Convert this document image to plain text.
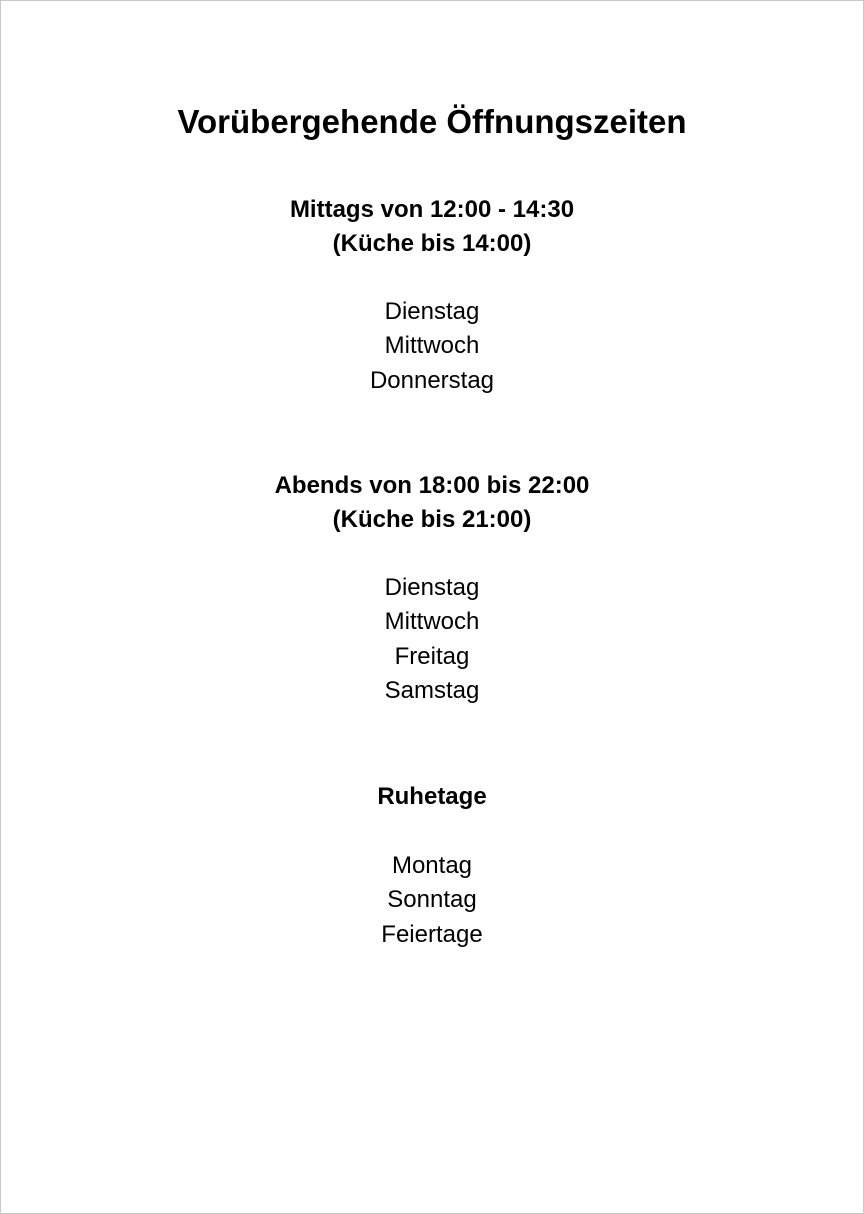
Vorübergehende Öffnungszeiten

Mittags von 12:00 - 14:30

(Küche bis 14:00)

Dienstag
Mittwoch
Donnerstag

Abends von 18:00 bis 22:00

(Küche bis 21:00)

Dienstag
Mittwoch
Freitag
Samstag

Ruhetage

Montag
Sonntag
Feiertage
